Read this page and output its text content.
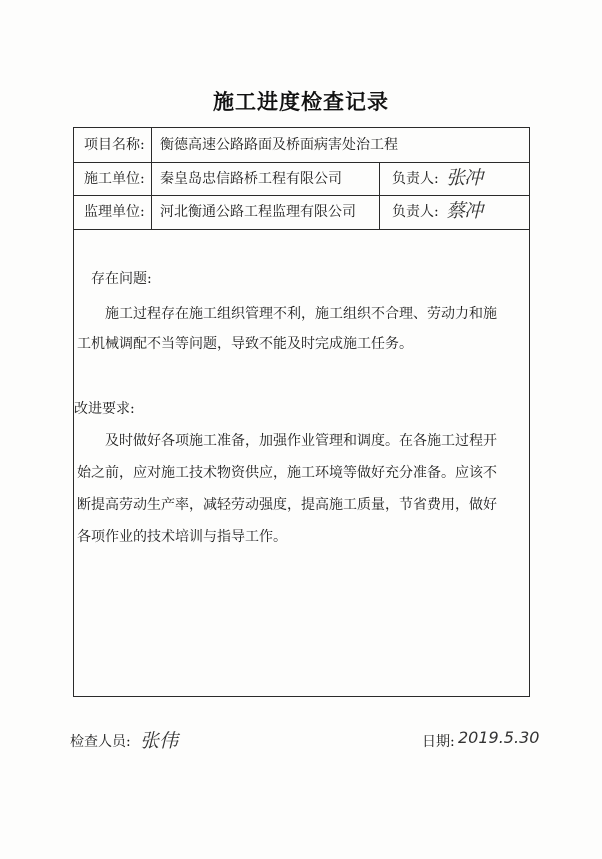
施工进度检查记录
项目名称: 衡德高速公路路面及桥面病害处治工程
施工单位: 秦皇岛忠信路桥工程有限公司	负责人: 张冲
监理单位: 河北衡通公路工程监理有限公司	负责人: 蔡冲
存在问题:
施工过程存在施工组织管理不利，施工组织不合理、劳动力和施
工机械调配不当等问题，导致不能及时完成施工任务。
改进要求:
及时做好各项施工准备，加强作业管理和调度。在各施工过程开
始之前，应对施工技术物资供应，施工环境等做好充分准备。应该不
断提高劳动生产率，减轻劳动强度，提高施工质量，节省费用，做好
各项作业的技术培训与指导工作。
检查人员: 张伟	日期: 2019.5.30
